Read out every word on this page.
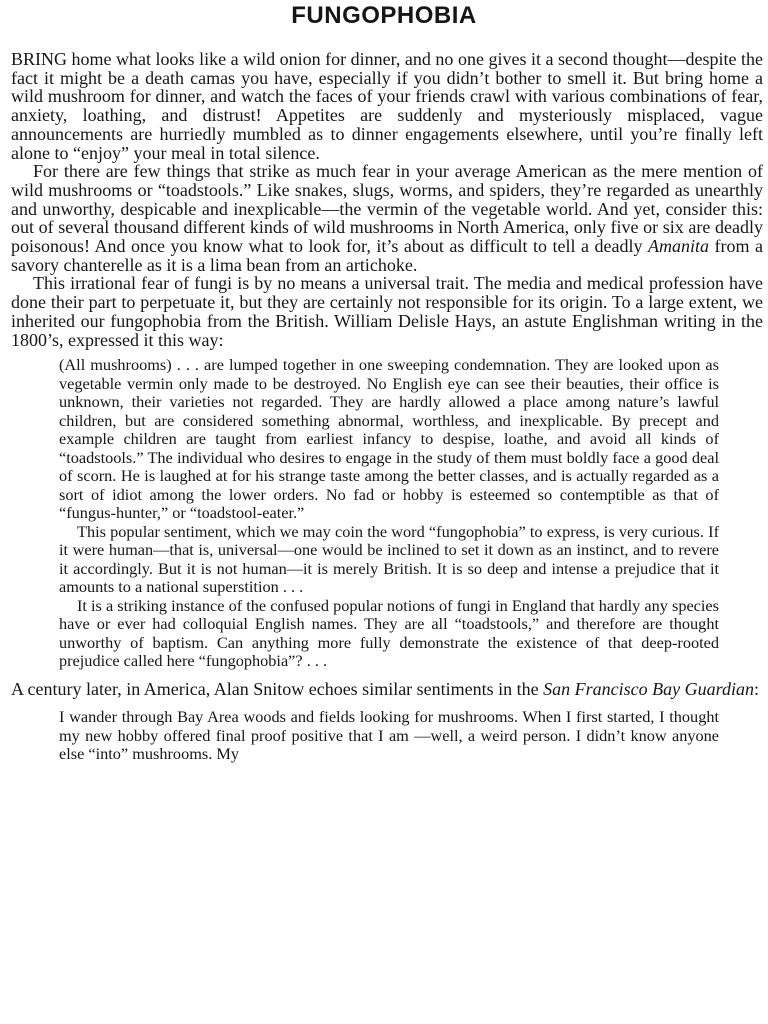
FUNGOPHOBIA

BRING home what looks like a wild onion for dinner, and no one gives it a second thought—despite the fact it might be a death camas you have, especially if you didn’t bother to smell it. But bring home a wild mushroom for dinner, and watch the faces of your friends crawl with various combinations of fear, anxiety, loathing, and distrust! Appetites are suddenly and mysteriously misplaced, vague announcements are hurriedly mumbled as to dinner engagements elsewhere, until you’re finally left alone to “enjoy” your meal in total silence.

For there are few things that strike as much fear in your average American as the mere mention of wild mushrooms or “toadstools.” Like snakes, slugs, worms, and spiders, they’re regarded as unearthly and unworthy, despicable and inexplicable—the vermin of the vegetable world. And yet, consider this: out of several thousand different kinds of wild mushrooms in North America, only five or six are deadly poisonous! And once you know what to look for, it’s about as difficult to tell a deadly Amanita from a savory chanterelle as it is a lima bean from an artichoke.

This irrational fear of fungi is by no means a universal trait. The media and medical profession have done their part to perpetuate it, but they are certainly not responsible for its origin. To a large extent, we inherited our fungophobia from the British. William Delisle Hays, an astute Englishman writing in the 1800’s, expressed it this way:

(All mushrooms) . . . are lumped together in one sweeping condemnation. They are looked upon as vegetable vermin only made to be destroyed. No English eye can see their beauties, their office is unknown, their varieties not regarded. They are hardly allowed a place among nature’s lawful children, but are considered something abnormal, worthless, and inexplicable. By precept and example children are taught from earliest infancy to despise, loathe, and avoid all kinds of “toadstools.” The individual who desires to engage in the study of them must boldly face a good deal of scorn. He is laughed at for his strange taste among the better classes, and is actually regarded as a sort of idiot among the lower orders. No fad or hobby is esteemed so contemptible as that of “fungus-hunter,” or “toadstool-eater.”

This popular sentiment, which we may coin the word “fungophobia” to express, is very curious. If it were human—that is, universal—one would be inclined to set it down as an instinct, and to revere it accordingly. But it is not human—it is merely British. It is so deep and intense a prejudice that it amounts to a national superstition . . .

It is a striking instance of the confused popular notions of fungi in England that hardly any species have or ever had colloquial English names. They are all “toadstools,” and therefore are thought unworthy of baptism. Can anything more fully demonstrate the existence of that deep-rooted prejudice called here “fungophobia”? . . .

A century later, in America, Alan Snitow echoes similar sentiments in the San Francisco Bay Guardian:

I wander through Bay Area woods and fields looking for mushrooms. When I first started, I thought my new hobby offered final proof positive that I am —well, a weird person. I didn’t know anyone else “into” mushrooms. My
